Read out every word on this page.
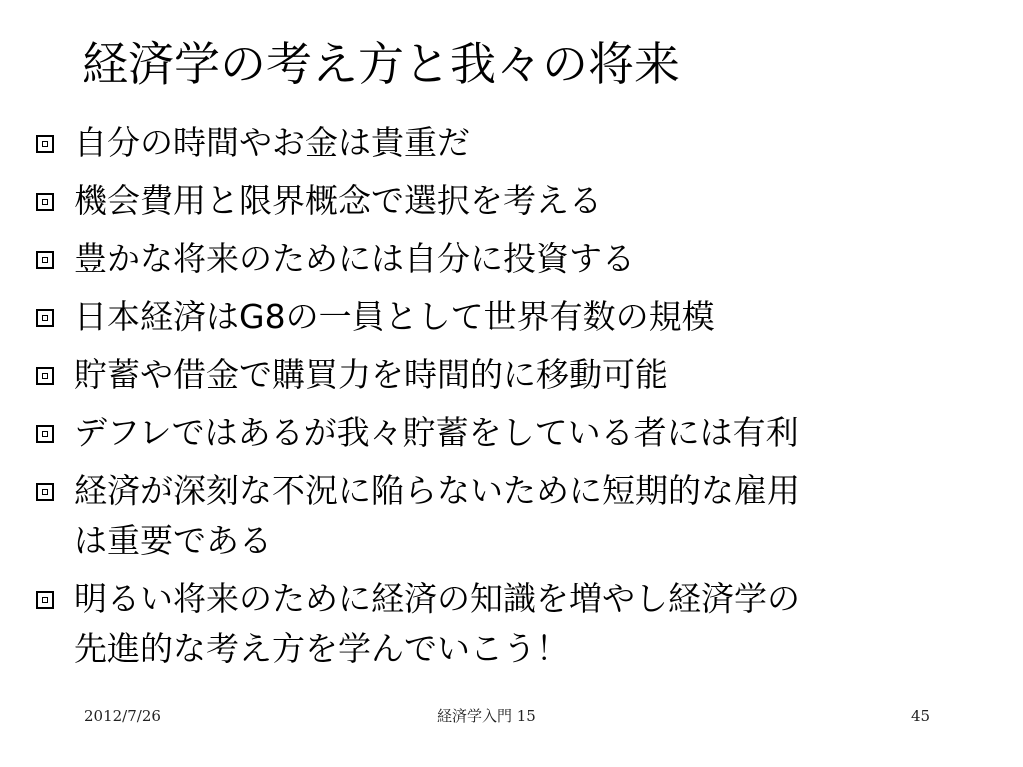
経済学の考え方と我々の将来
自分の時間やお金は貴重だ
機会費用と限界概念で選択を考える
豊かな将来のためには自分に投資する
日本経済はG8の一員として世界有数の規模
貯蓄や借金で購買力を時間的に移動可能
デフレではあるが我々貯蓄をしている者には有利
経済が深刻な不況に陥らないために短期的な雇用
は重要である
明るい将来のために経済の知識を増やし経済学の
先進的な考え方を学んでいこう！
2012/7/26	経済学入門 15	45
